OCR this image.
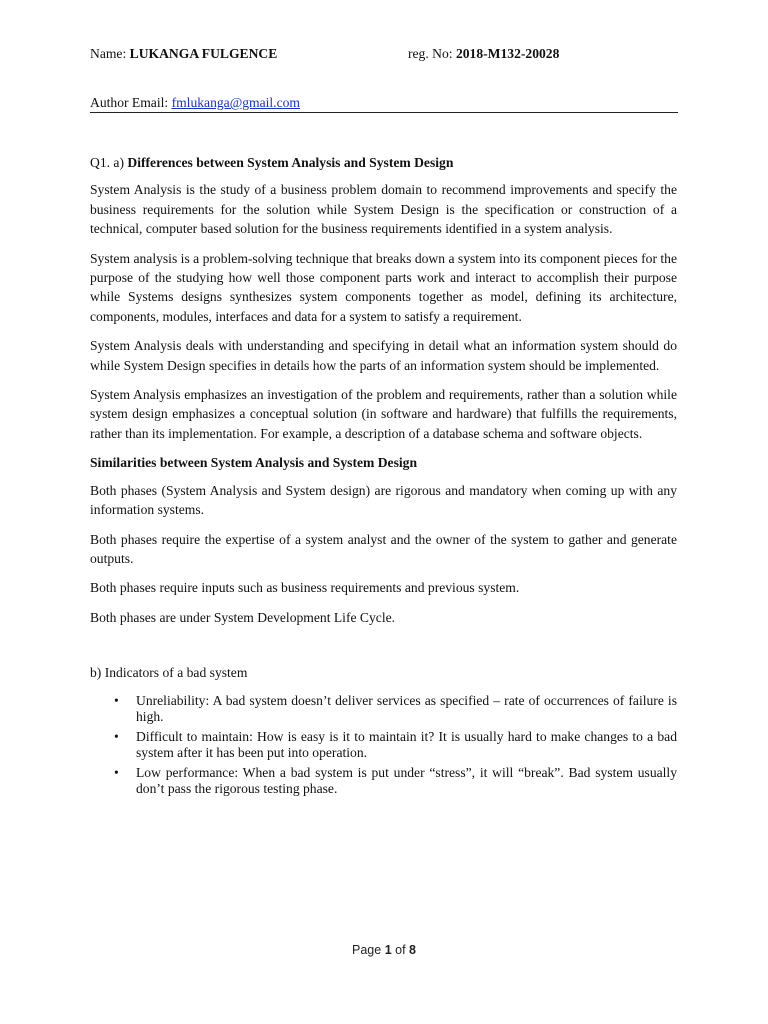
Name: LUKANGA FULGENCE	reg. No: 2018-M132-20028
Author Email: fmlukanga@gmail.com

Q1. a) Differences between System Analysis and System Design

System Analysis is the study of a business problem domain to recommend improvements and specify the business requirements for the solution while System Design is the specification or construction of a technical, computer based solution for the business requirements identified in a system analysis.

System analysis is a problem-solving technique that breaks down a system into its component pieces for the purpose of the studying how well those component parts work and interact to accomplish their purpose while Systems designs synthesizes system components together as model, defining its architecture, components, modules, interfaces and data for a system to satisfy a requirement.

System Analysis deals with understanding and specifying in detail what an information system should do while System Design specifies in details how the parts of an information system should be implemented.

System Analysis emphasizes an investigation of the problem and requirements, rather than a solution while system design emphasizes a conceptual solution (in software and hardware) that fulfills the requirements, rather than its implementation. For example, a description of a database schema and software objects.

Similarities between System Analysis and System Design

Both phases (System Analysis and System design) are rigorous and mandatory when coming up with any information systems.

Both phases require the expertise of a system analyst and the owner of the system to gather and generate outputs.

Both phases require inputs such as business requirements and previous system.

Both phases are under System Development Life Cycle.

b) Indicators of a bad system

• Unreliability: A bad system doesn’t deliver services as specified – rate of occurrences of failure is high.
• Difficult to maintain: How is easy is it to maintain it? It is usually hard to make changes to a bad system after it has been put into operation.
• Low performance: When a bad system is put under “stress”, it will “break”. Bad system usually don’t pass the rigorous testing phase.
Page 1 of 8
